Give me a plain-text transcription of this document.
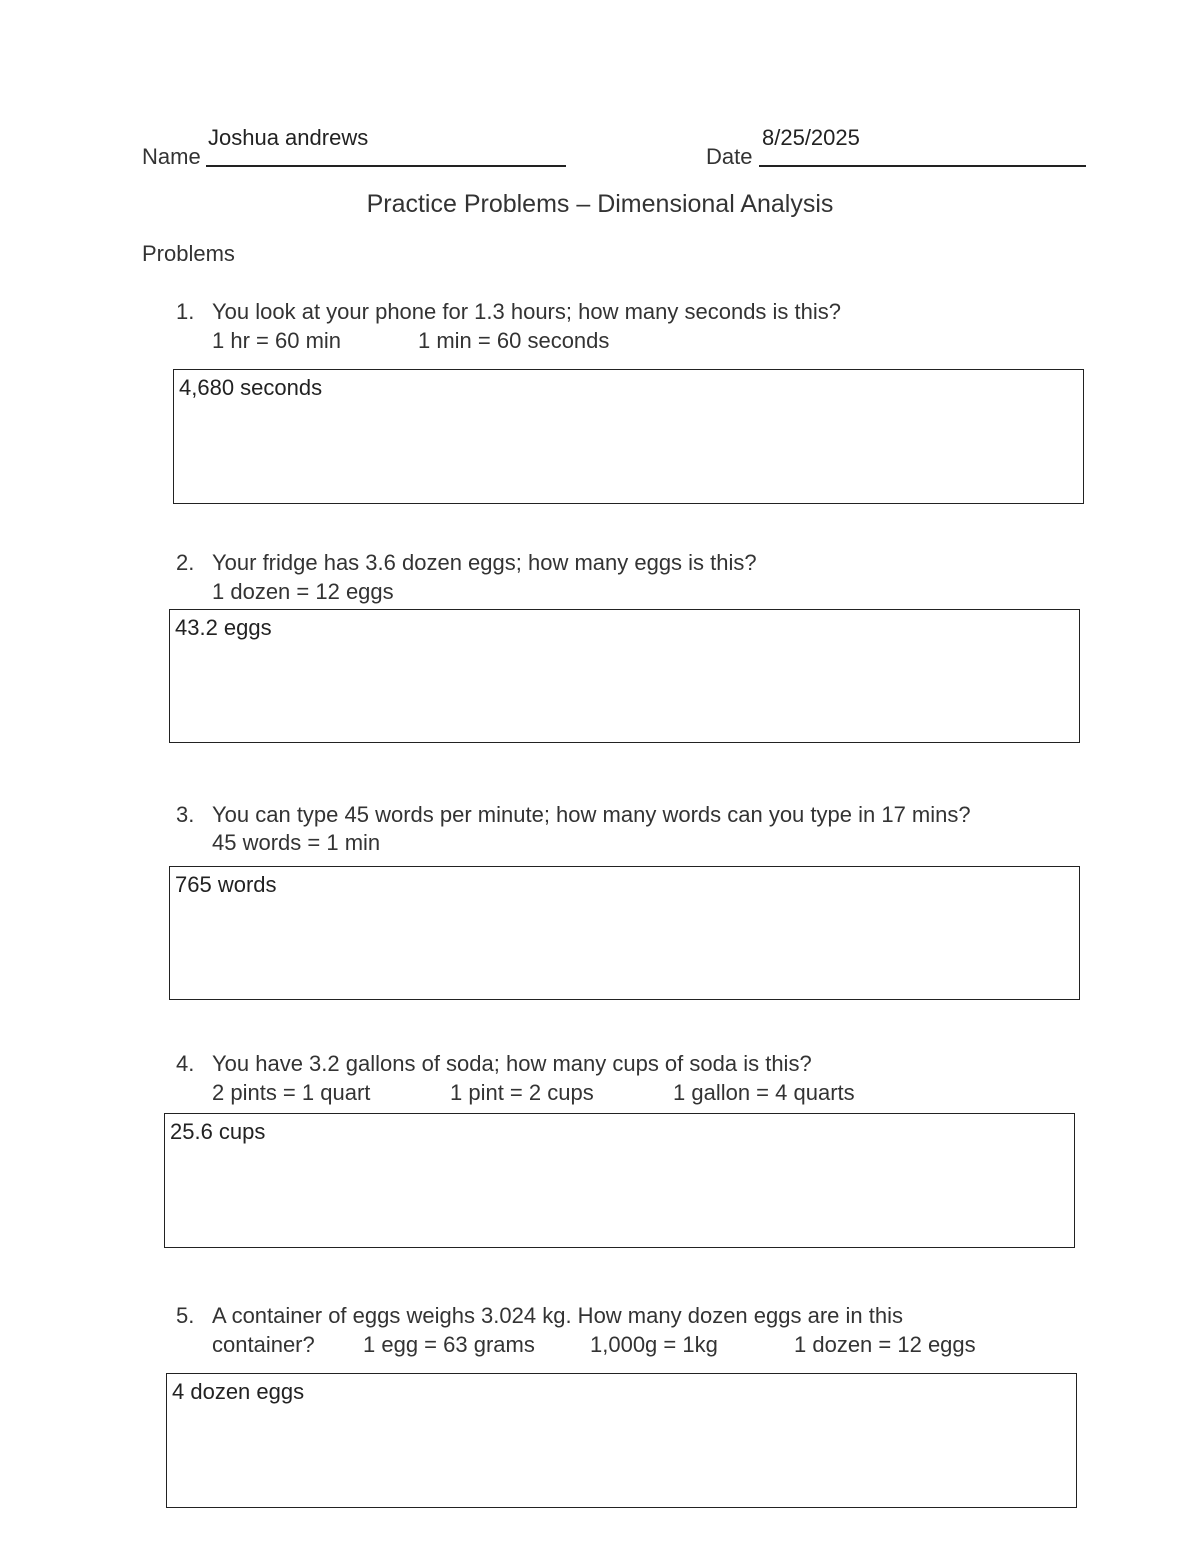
Name
Joshua andrews
Date
8/25/2025
Practice Problems – Dimensional Analysis
Problems
1. You look at your phone for 1.3 hours; how many seconds is this?
1 hr = 60 min	1 min = 60 seconds
4,680 seconds
2. Your fridge has 3.6 dozen eggs; how many eggs is this?
1 dozen = 12 eggs
43.2 eggs
3. You can type 45 words per minute; how many words can you type in 17 mins?
45 words = 1 min
765 words
4. You have 3.2 gallons of soda; how many cups of soda is this?
2 pints = 1 quart	1 pint = 2 cups	1 gallon = 4 quarts
25.6 cups
5. A container of eggs weighs 3.024 kg. How many dozen eggs are in this
container? 1 egg = 63 grams	1,000g = 1kg	1 dozen = 12 eggs
4 dozen eggs
